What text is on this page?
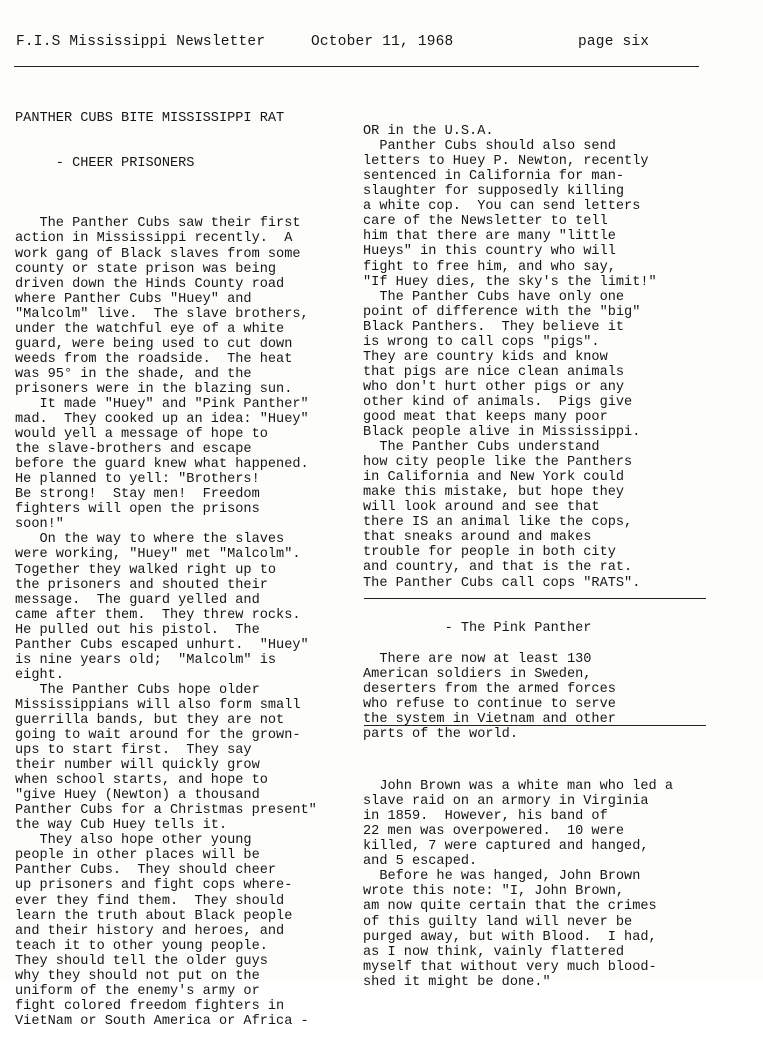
F.I.S Mississippi Newsletter	October 11, 1968	page six

PANTHER CUBS BITE MISSISSIPPI RAT

- CHEER PRISONERS

The Panther Cubs saw their first

action in Mississippi recently.  A

work gang of Black slaves from some

county or state prison was being

driven down the Hinds County road

where Panther Cubs "Huey" and

"Malcolm" live.  The slave brothers,

under the watchful eye of a white

guard, were being used to cut down

weeds from the roadside.  The heat

was 95° in the shade, and the

prisoners were in the blazing sun.

It made "Huey" and "Pink Panther"

mad.  They cooked up an idea: "Huey"

would yell a message of hope to

the slave-brothers and escape

before the guard knew what happened.

He planned to yell: "Brothers!

Be strong!  Stay men!  Freedom

fighters will open the prisons

soon!"

On the way to where the slaves

were working, "Huey" met "Malcolm".

Together they walked right up to

the prisoners and shouted their

message.  The guard yelled and

came after them.  They threw rocks.

He pulled out his pistol.  The

Panther Cubs escaped unhurt.  "Huey"

is nine years old;  "Malcolm" is

eight.

The Panther Cubs hope older

Mississippians will also form small

guerrilla bands, but they are not

going to wait around for the grown-

ups to start first.  They say

their number will quickly grow

when school starts, and hope to

"give Huey (Newton) a thousand

Panther Cubs for a Christmas present"

the way Cub Huey tells it.

They also hope other young

people in other places will be

Panther Cubs.  They should cheer

up prisoners and fight cops where-

ever they find them.  They should

learn the truth about Black people

and their history and heroes, and

teach it to other young people.

They should tell the older guys

why they should not put on the

uniform of the enemy's army or

fight colored freedom fighters in

VietNam or South America or Africa -

OR in the U.S.A.

Panther Cubs should also send

letters to Huey P. Newton, recently

sentenced in California for man-

slaughter for supposedly killing

a white cop.  You can send letters

care of the Newsletter to tell

him that there are many "little

Hueys" in this country who will

fight to free him, and who say,

"If Huey dies, the sky's the limit!"

The Panther Cubs have only one

point of difference with the "big"

Black Panthers.  They believe it

is wrong to call cops "pigs".

They are country kids and know

that pigs are nice clean animals

who don't hurt other pigs or any

other kind of animals.  Pigs give

good meat that keeps many poor

Black people alive in Mississippi.

The Panther Cubs understand

how city people like the Panthers

in California and New York could

make this mistake, but hope they

will look around and see that

there IS an animal like the cops,

that sneaks around and makes

trouble for people in both city

and country, and that is the rat.

The Panther Cubs call cops "RATS".

- The Pink Panther

There are now at least 130

American soldiers in Sweden,

deserters from the armed forces

who refuse to continue to serve

the system in Vietnam and other

parts of the world.

John Brown was a white man who led a

slave raid on an armory in Virginia

in 1859.  However, his band of

22 men was overpowered.  10 were

killed, 7 were captured and hanged,

and 5 escaped.

Before he was hanged, John Brown

wrote this note: "I, John Brown,

am now quite certain that the crimes

of this guilty land will never be

purged away, but with Blood.  I had,

as I now think, vainly flattered

myself that without very much blood-

shed it might be done."
